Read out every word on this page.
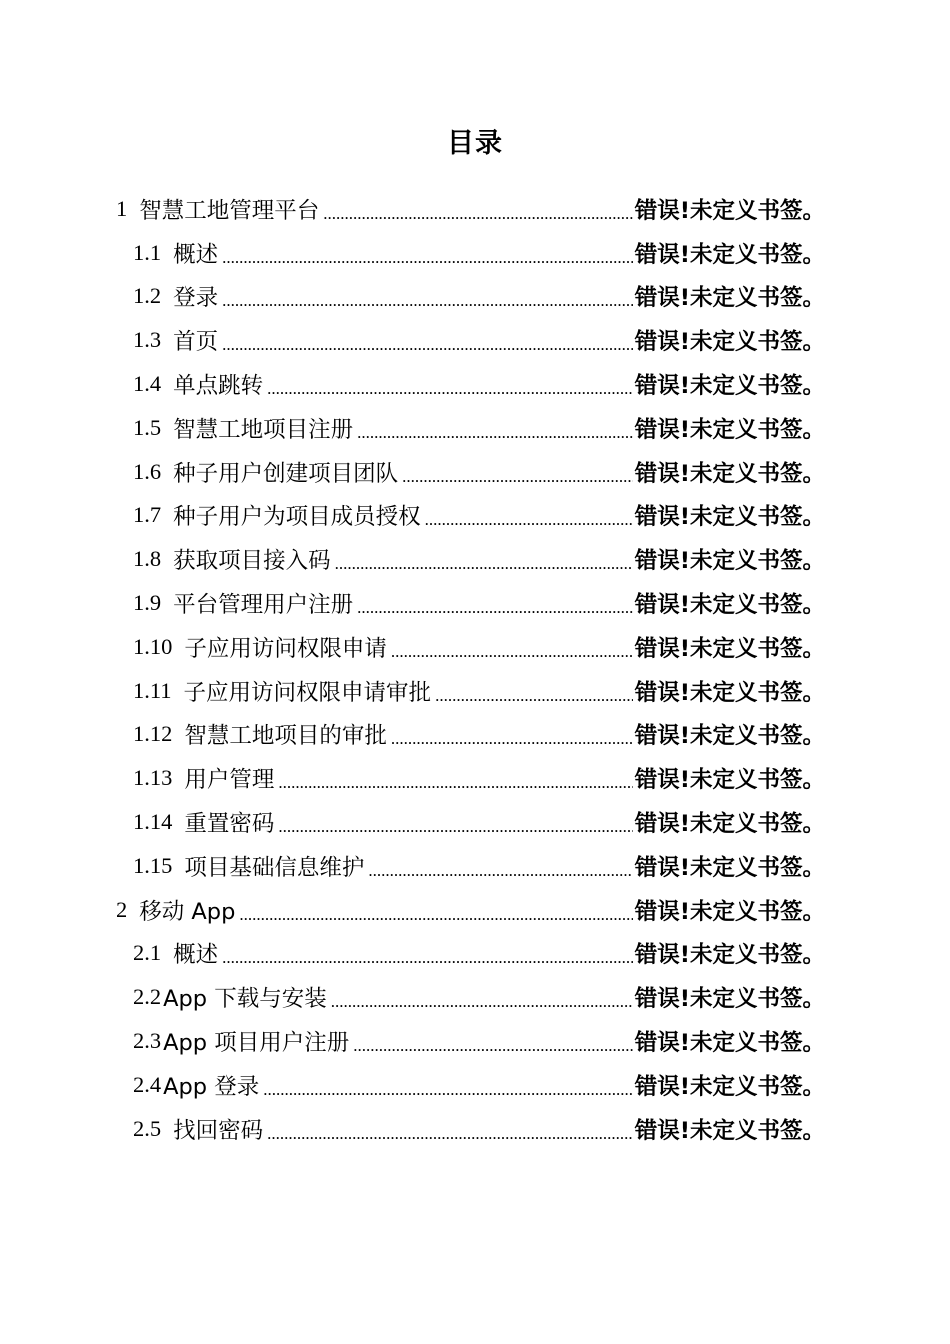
目录
1 智慧工地管理平台 .....	错误!未定义书签。
1.1 概述 .....	错误!未定义书签。
1.2 登录 .....	错误!未定义书签。
1.3 首页 .....	错误!未定义书签。
1.4 单点跳转 .....	错误!未定义书签。
1.5 智慧工地项目注册 .....	错误!未定义书签。
1.6 种子用户创建项目团队 .....	错误!未定义书签。
1.7 种子用户为项目成员授权 .....	错误!未定义书签。
1.8 获取项目接入码 .....	错误!未定义书签。
1.9 平台管理用户注册 .....	错误!未定义书签。
1.10 子应用访问权限申请 .....	错误!未定义书签。
1.11 子应用访问权限申请审批 .....	错误!未定义书签。
1.12 智慧工地项目的审批 .....	错误!未定义书签。
1.13 用户管理 .....	错误!未定义书签。
1.14 重置密码 .....	错误!未定义书签。
1.15 项目基础信息维护 .....	错误!未定义书签。
2 移动 App .....	错误!未定义书签。
2.1 概述 .....	错误!未定义书签。
2.2 App 下载与安装 .....	错误!未定义书签。
2.3 App 项目用户注册 .....	错误!未定义书签。
2.4 App 登录 .....	错误!未定义书签。
2.5 找回密码 .....	错误!未定义书签。
